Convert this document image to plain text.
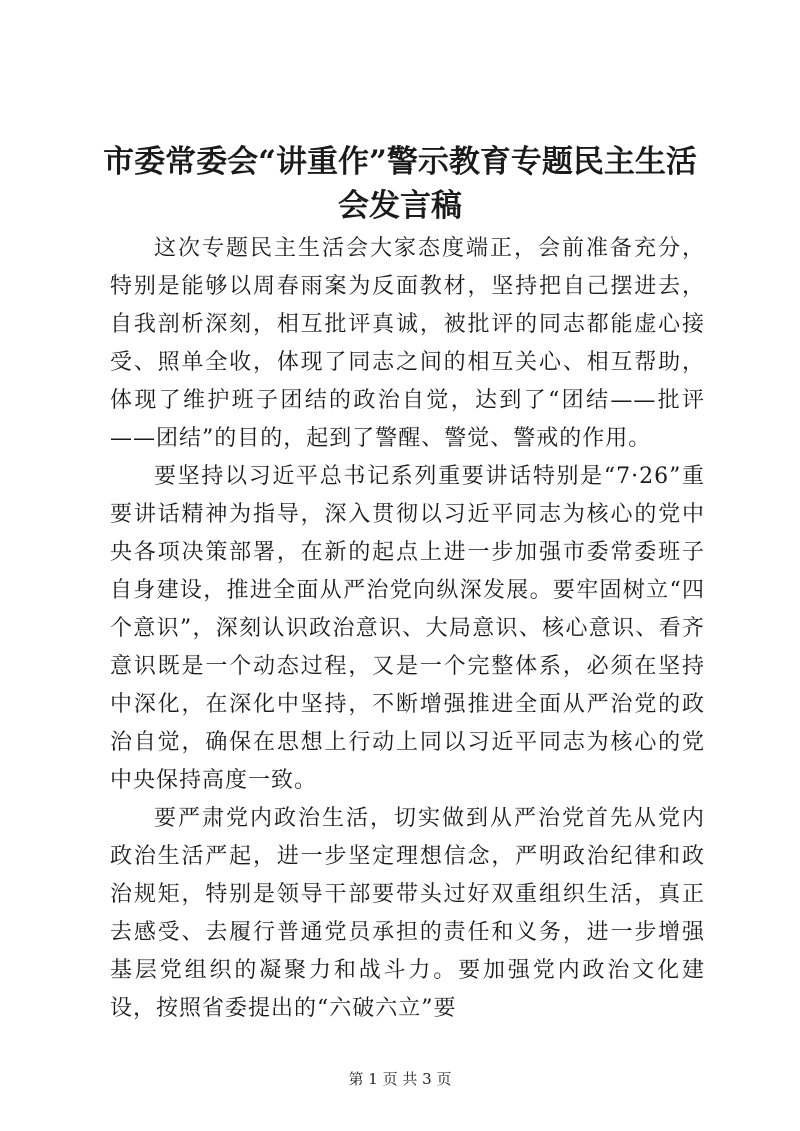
市委常委会“讲重作”警示教育专题民主生活
会发言稿

这次专题民主生活会大家态度端正，会前准备充分，特别是能够以周春雨案为反面教材，坚持把自己摆进去，自我剖析深刻，相互批评真诚，被批评的同志都能虚心接受、照单全收，体现了同志之间的相互关心、相互帮助，体现了维护班子团结的政治自觉，达到了“团结——批评——团结”的目的，起到了警醒、警觉、警戒的作用。

要坚持以习近平总书记系列重要讲话特别是“7·26”重要讲话精神为指导，深入贯彻以习近平同志为核心的党中央各项决策部署，在新的起点上进一步加强市委常委班子自身建设，推进全面从严治党向纵深发展。要牢固树立“四个意识”，深刻认识政治意识、大局意识、核心意识、看齐意识既是一个动态过程，又是一个完整体系，必须在坚持中深化，在深化中坚持，不断增强推进全面从严治党的政治自觉，确保在思想上行动上同以习近平同志为核心的党中央保持高度一致。

要严肃党内政治生活，切实做到从严治党首先从党内政治生活严起，进一步坚定理想信念，严明政治纪律和政治规矩，特别是领导干部要带头过好双重组织生活，真正去感受、去履行普通党员承担的责任和义务，进一步增强基层党组织的凝聚力和战斗力。要加强党内政治文化建设，按照省委提出的“六破六立”要

第 1 页 共 3 页
